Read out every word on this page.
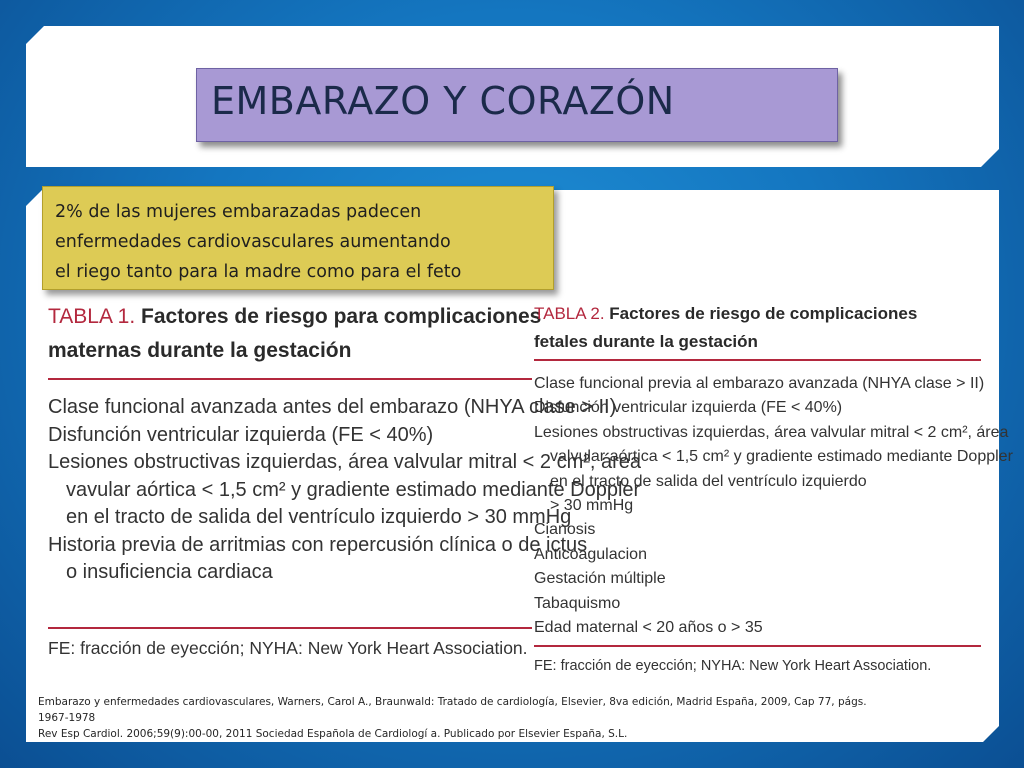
EMBARAZO Y CORAZÓN
2% de las mujeres embarazadas padecen
enfermedades cardiovasculares aumentando
el riego tanto para la madre como para el feto
TABLA 1. Factores de riesgo para complicaciones
maternas durante la gestación
Clase funcional avanzada antes del embarazo (NHYA clase > II)
Disfunción ventricular izquierda (FE < 40%)
Lesiones obstructivas izquierdas, área valvular mitral < 2 cm², área
vavular aórtica < 1,5 cm² y gradiente estimado mediante Doppler
en el tracto de salida del ventrículo izquierdo > 30 mmHg
Historia previa de arritmias con repercusión clínica o de ictus
o insuficiencia cardiaca
FE: fracción de eyección; NYHA: New York Heart Association.
TABLA 2. Factores de riesgo de complicaciones
fetales durante la gestación
Clase funcional previa al embarazo avanzada (NHYA clase > II)
Disfunción ventricular izquierda (FE < 40%)
Lesiones obstructivas izquierdas, área valvular mitral < 2 cm², área
valvular aórtica < 1,5 cm² y gradiente estimado mediante Doppler
en el tracto de salida del ventrículo izquierdo
> 30 mmHg
Cianosis
Anticoagulacion
Gestación múltiple
Tabaquismo
Edad maternal < 20 años o > 35
FE: fracción de eyección; NYHA: New York Heart Association.
Embarazo y enfermedades cardiovasculares, Warners, Carol A., Braunwald: Tratado de cardiología, Elsevier, 8va edición, Madrid España, 2009, Cap 77, págs.
1967-1978
Rev Esp Cardiol. 2006;59(9):00-00, 2011 Sociedad Española de Cardiologí a. Publicado por Elsevier España, S.L.
